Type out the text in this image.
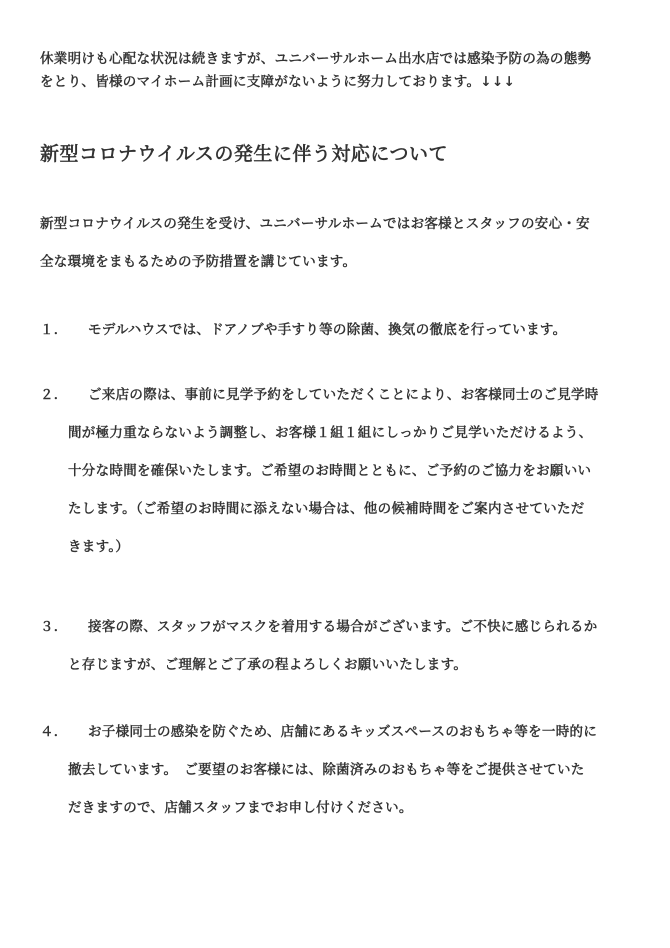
休業明けも心配な状況は続きますが、ユニバーサルホーム出水店では感染予防の為の態勢
をとり、皆様のマイホーム計画に支障がないように努力しております。↓↓↓
新型コロナウイルスの発生に伴う対応について
新型コロナウイルスの発生を受け、ユニバーサルホームではお客様とスタッフの安心・安
全な環境をまもるための予防措置を講じています。
１． モデルハウスでは、ドアノブや手すり等の除菌、換気の徹底を行っています。
２． ご来店の際は、事前に見学予約をしていただくことにより、お客様同士のご見学時
間が極力重ならないよう調整し、お客様１組１組にしっかりご見学いただけるよう、
十分な時間を確保いたします。ご希望のお時間とともに、ご予約のご協力をお願いい
たします。（ご希望のお時間に添えない場合は、他の候補時間をご案内させていただ
きます。）
３． 接客の際、スタッフがマスクを着用する場合がございます。ご不快に感じられるか
と存じますが、ご理解とご了承の程よろしくお願いいたします。
４． お子様同士の感染を防ぐため、店舗にあるキッズスペースのおもちゃ等を一時的に
撤去しています。　ご要望のお客様には、除菌済みのおもちゃ等をご提供させていた
だきますので、店舗スタッフまでお申し付けください。
